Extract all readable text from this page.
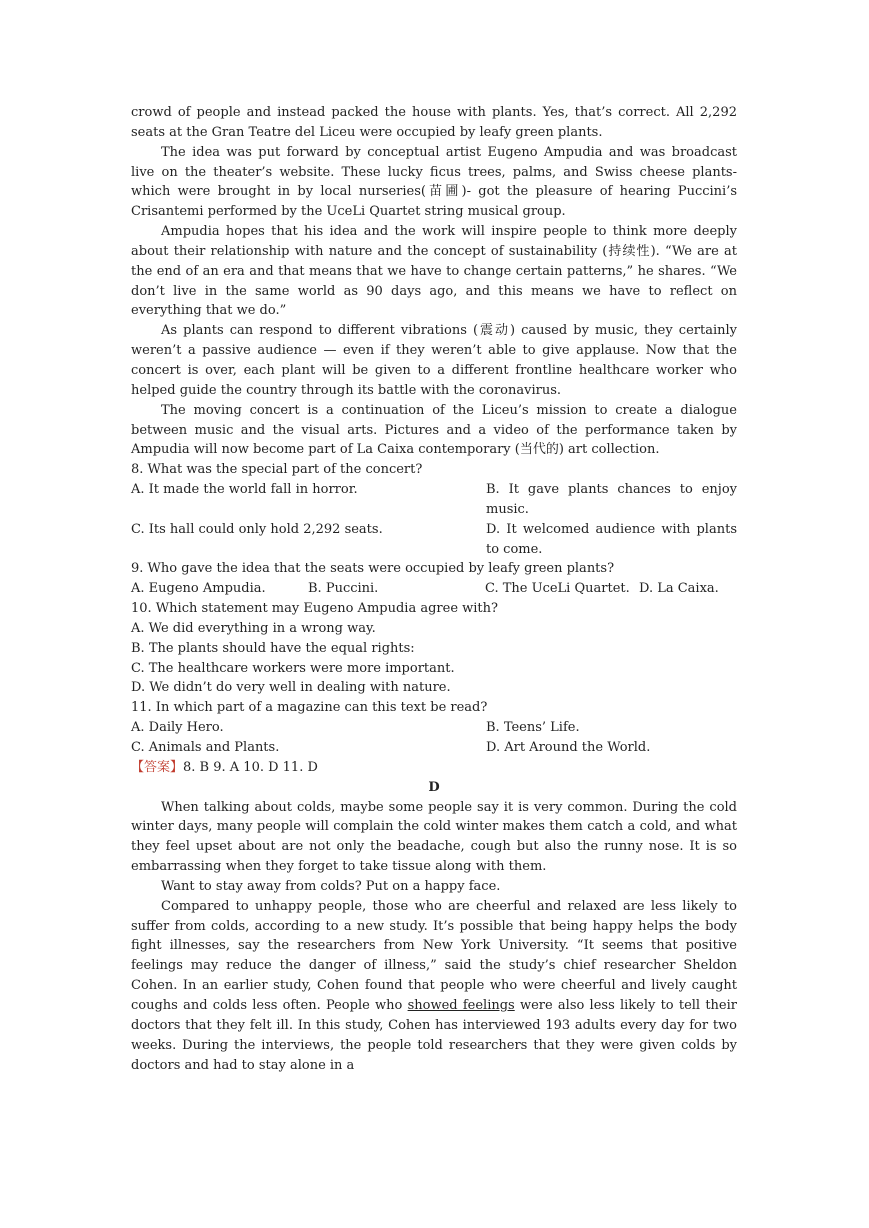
crowd of people and instead packed the house with plants. Yes, that’s correct. All 2,292 seats at the Gran Teatre del Liceu were occupied by leafy green plants.

The idea was put forward by conceptual artist Eugeno Ampudia and was broadcast live on the theater’s website. These lucky ficus trees, palms, and Swiss cheese plants-which were brought in by local nurseries(苗圃)- got the pleasure of hearing Puccini’s Crisantemi performed by the UceLi Quartet string musical group.

Ampudia hopes that his idea and the work will inspire people to think more deeply about their relationship with nature and the concept of sustainability (持续性). “We are at the end of an era and that means that we have to change certain patterns,” he shares. “We don’t live in the same world as 90 days ago, and this means we have to reflect on everything that we do.”

As plants can respond to different vibrations (震动) caused by music, they certainly weren’t a passive audience — even if they weren’t able to give applause. Now that the concert is over, each plant will be given to a different frontline healthcare worker who helped guide the country through its battle with the coronavirus.

The moving concert is a continuation of the Liceu’s mission to create a dialogue between music and the visual arts. Pictures and a video of the performance taken by Ampudia will now become part of La Caixa contemporary (当代的) art collection.

8. What was the special part of the concert?

A. It made the world fall in horror.	B. It gave plants chances to enjoy music.
C. Its hall could only hold 2,292 seats.	D. It welcomed audience with plants to come.

9. Who gave the idea that the seats were occupied by leafy green plants?

A. Eugeno Ampudia.	B. Puccini.	C. The UceLi Quartet. D. La Caixa.

10. Which statement may Eugeno Ampudia agree with?

A. We did everything in a wrong way.
B. The plants should have the equal rights:
C. The healthcare workers were more important.
D. We didn’t do very well in dealing with nature.

11. In which part of a magazine can this text be read?

A. Daily Hero.	B. Teens’ Life.
C. Animals and Plants.	D. Art Around the World.

【答案】8. B 9. A 10. D 11. D

D

When talking about colds, maybe some people say it is very common. During the cold winter days, many people will complain the cold winter makes them catch a cold, and what they feel upset about are not only the beadache, cough but also the runny nose. It is so embarrassing when they forget to take tissue along with them.

Want to stay away from colds? Put on a happy face.

Compared to unhappy people, those who are cheerful and relaxed are less likely to suffer from colds, according to a new study. It’s possible that being happy helps the body fight illnesses, say the researchers from New York University. “It seems that positive feelings may reduce the danger of illness,” said the study’s chief researcher Sheldon Cohen. In an earlier study, Cohen found that people who were cheerful and lively caught coughs and colds less often. People who showed feelings were also less likely to tell their doctors that they felt ill. In this study, Cohen has interviewed 193 adults every day for two weeks. During the interviews, the people told researchers that they were given colds by doctors and had to stay alone in a
